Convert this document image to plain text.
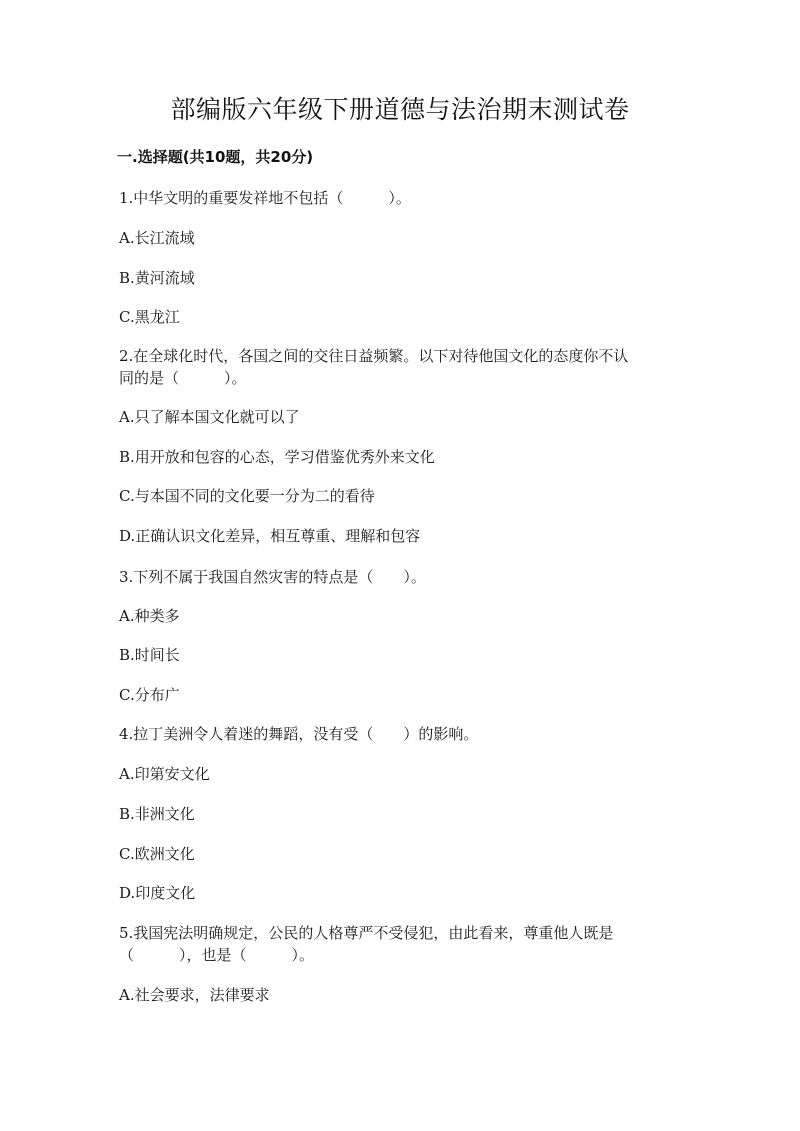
部编版六年级下册道德与法治期末测试卷
一.选择题(共10题，共20分)
1.中华文明的重要发祥地不包括（　　　）。
A.长江流域
B.黄河流域
C.黑龙江
2.在全球化时代，各国之间的交往日益频繁。以下对待他国文化的态度你不认
同的是（　　　）。
A.只了解本国文化就可以了
B.用开放和包容的心态，学习借鉴优秀外来文化
C.与本国不同的文化要一分为二的看待
D.正确认识文化差异，相互尊重、理解和包容
3.下列不属于我国自然灾害的特点是（　　）。
A.种类多
B.时间长
C.分布广
4.拉丁美洲令人着迷的舞蹈，没有受（　　）的影响。
A.印第安文化
B.非洲文化
C.欧洲文化
D.印度文化
5.我国宪法明确规定，公民的人格尊严不受侵犯，由此看来，尊重他人既是
（　　　），也是（　　　）。
A.社会要求，法律要求
